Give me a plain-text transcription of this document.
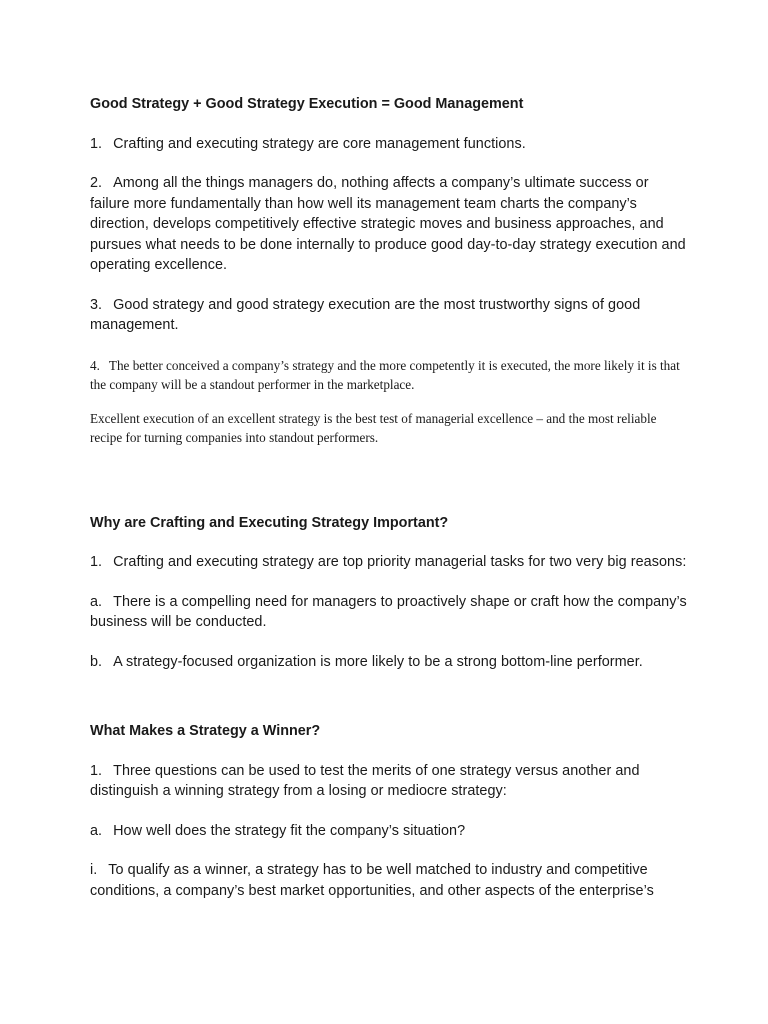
Good Strategy + Good Strategy Execution = Good Management

1. Crafting and executing strategy are core management functions.

2. Among all the things managers do, nothing affects a company’s ultimate success or failure more fundamentally than how well its management team charts the company’s direction, develops competitively effective strategic moves and business approaches, and pursues what needs to be done internally to produce good day-to-day strategy execution and operating excellence.

3. Good strategy and good strategy execution are the most trustworthy signs of good management.

4. The better conceived a company’s strategy and the more competently it is executed, the more likely it is that the company will be a standout performer in the marketplace.

Excellent execution of an excellent strategy is the best test of managerial excellence – and the most reliable recipe for turning companies into standout performers.

Why are Crafting and Executing Strategy Important?

1. Crafting and executing strategy are top priority managerial tasks for two very big reasons:

a. There is a compelling need for managers to proactively shape or craft how the company’s business will be conducted.

b. A strategy-focused organization is more likely to be a strong bottom-line performer.

What Makes a Strategy a Winner?

1. Three questions can be used to test the merits of one strategy versus another and distinguish a winning strategy from a losing or mediocre strategy:

a. How well does the strategy fit the company’s situation?

i. To qualify as a winner, a strategy has to be well matched to industry and competitive conditions, a company’s best market opportunities, and other aspects of the enterprise’s
